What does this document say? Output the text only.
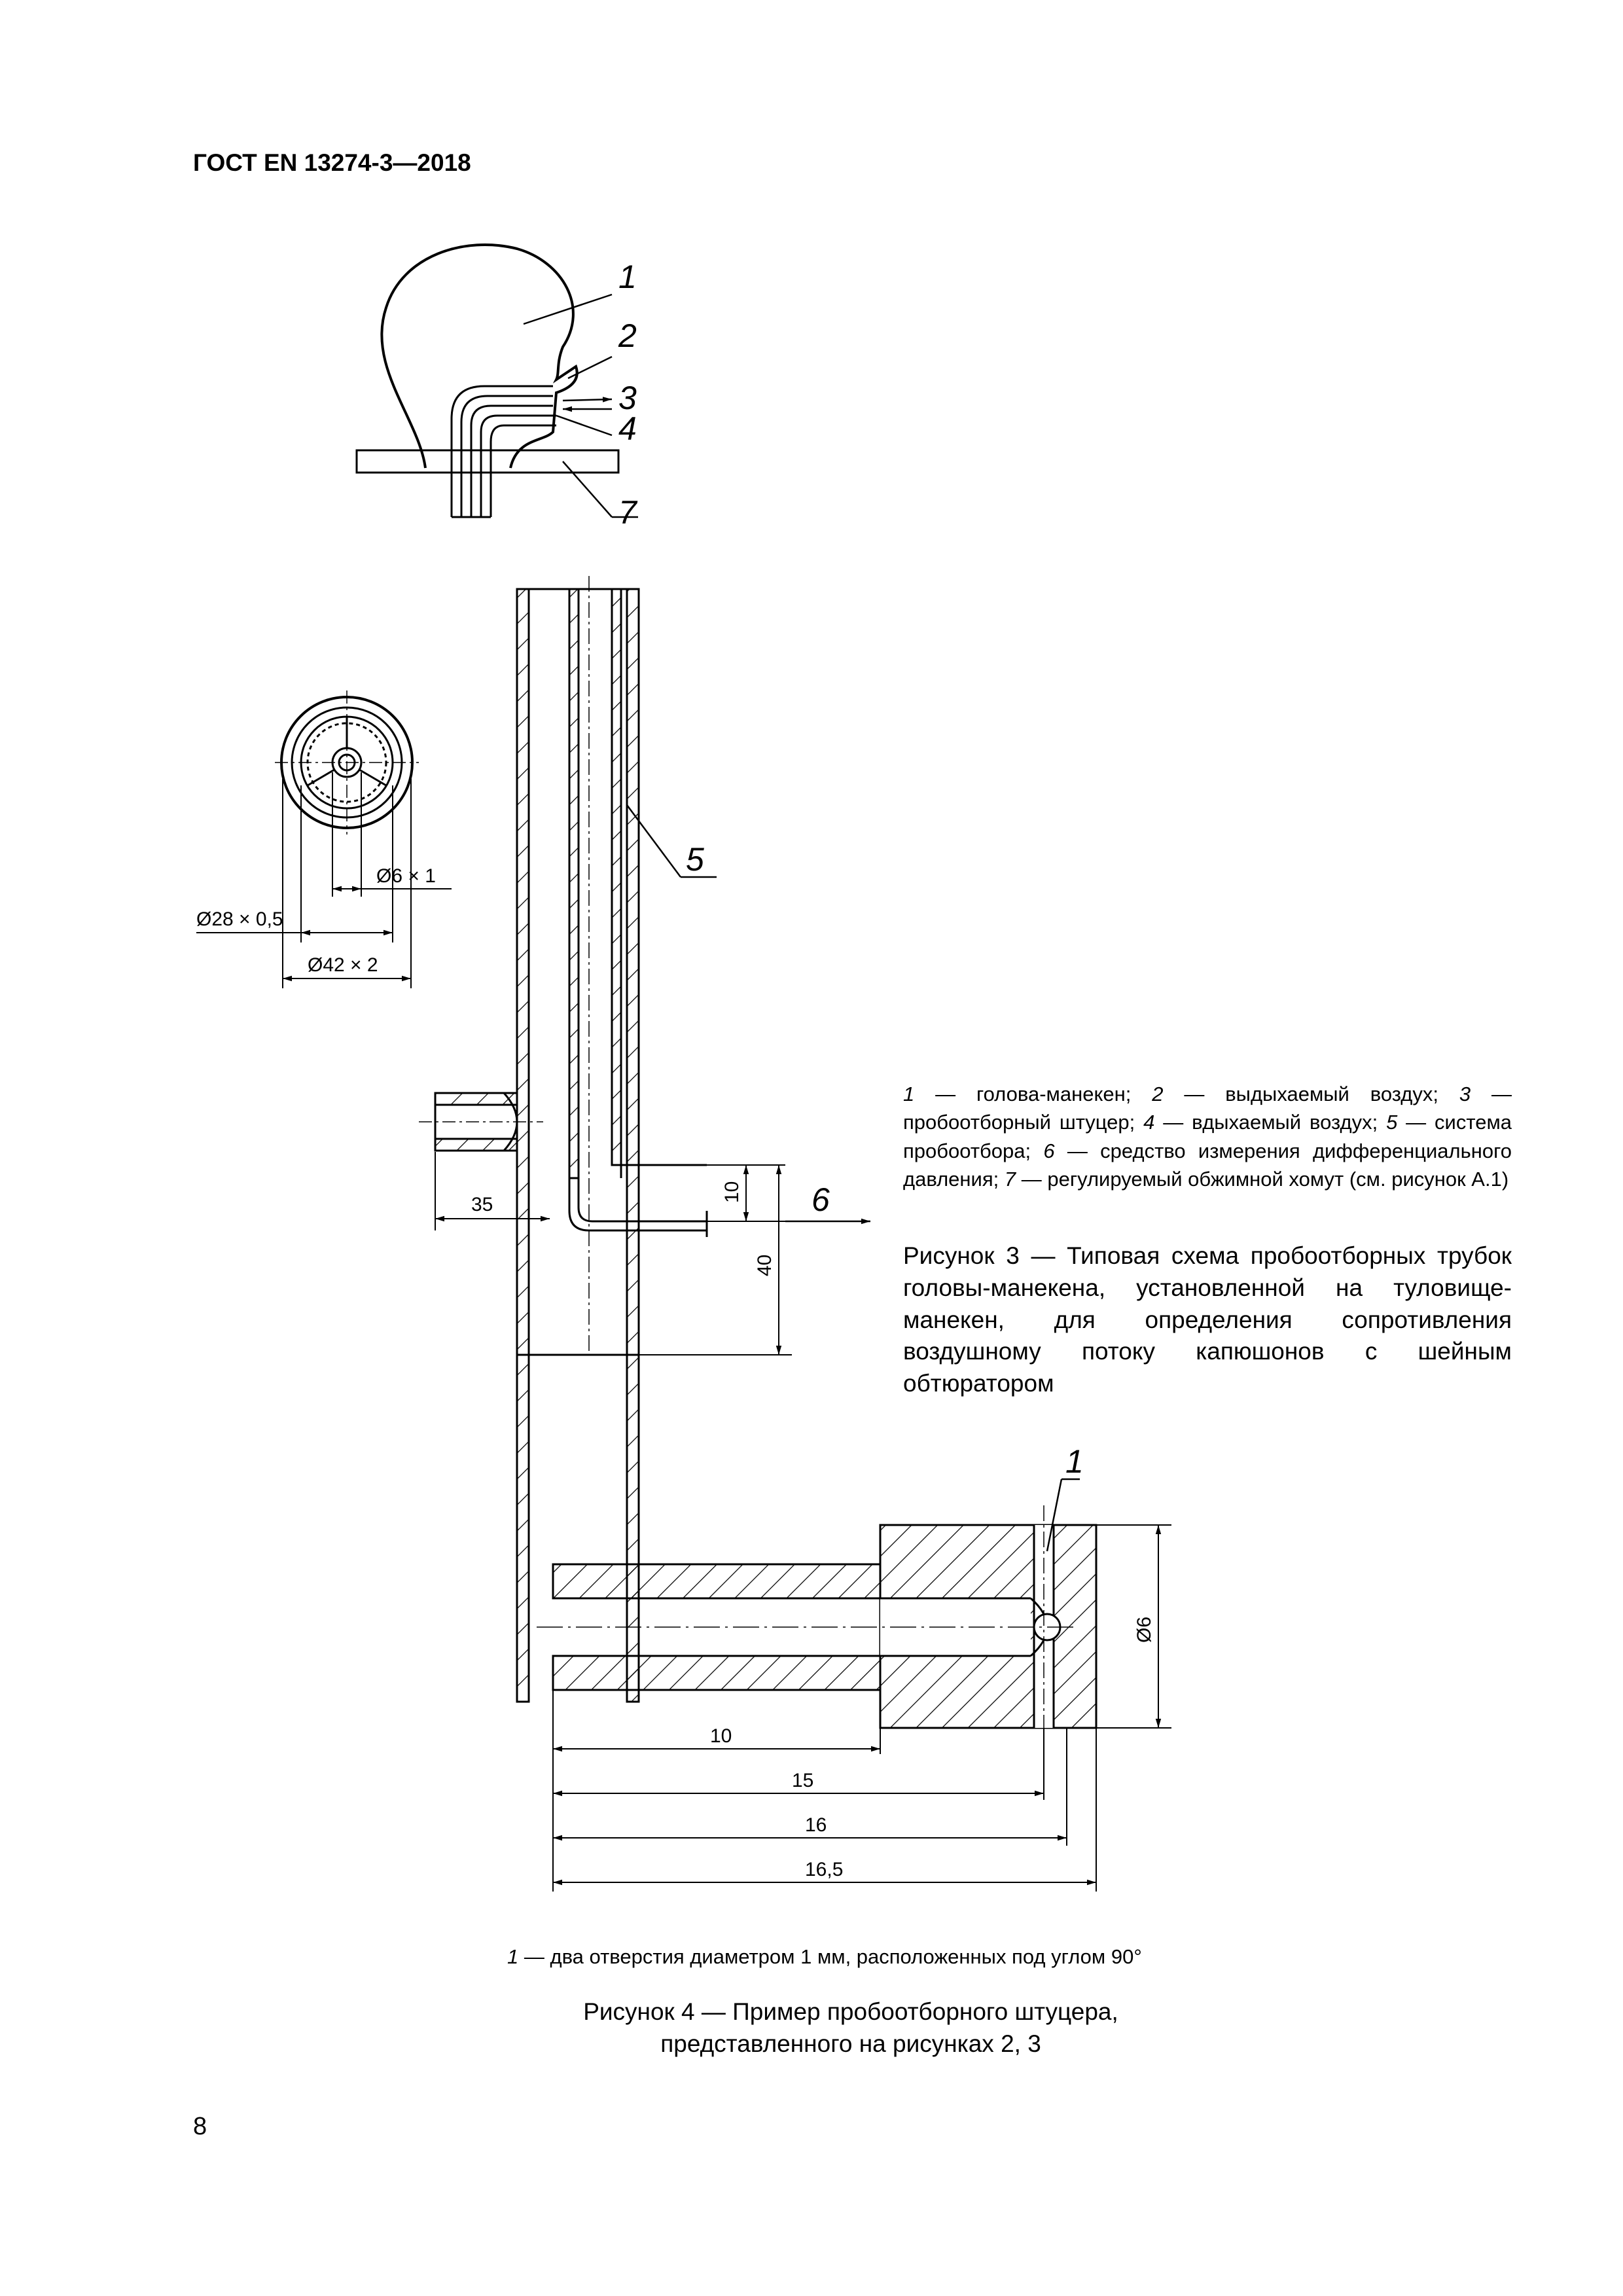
ГОСТ EN 13274-3—2018
1
2
3
4
7
Ø6 × 1
Ø28 × 0,5
Ø42 × 2
5
6
35
10
40
1
Ø6
10
15
16
16,5
1 — голова-манекен; 2 — выдыхаемый воздух; 3 — пробоотборный штуцер; 4 — вдыхаемый воздух; 5 — система пробоотбора; 6 — средство измерения дифференциального давления; 7 — регулируемый обжимной хомут (см. рисунок А.1)
Рисунок 3 — Типовая схема пробоотборных трубок головы-манекена, установленной на туловище-манекен, для определения сопротивления воздушному потоку капюшонов с шейным обтюратором
1 — два отверстия диаметром 1 мм, расположенных под углом 90°
Рисунок 4 — Пример пробоотборного штуцера,
представленного на рисунках 2, 3
8
